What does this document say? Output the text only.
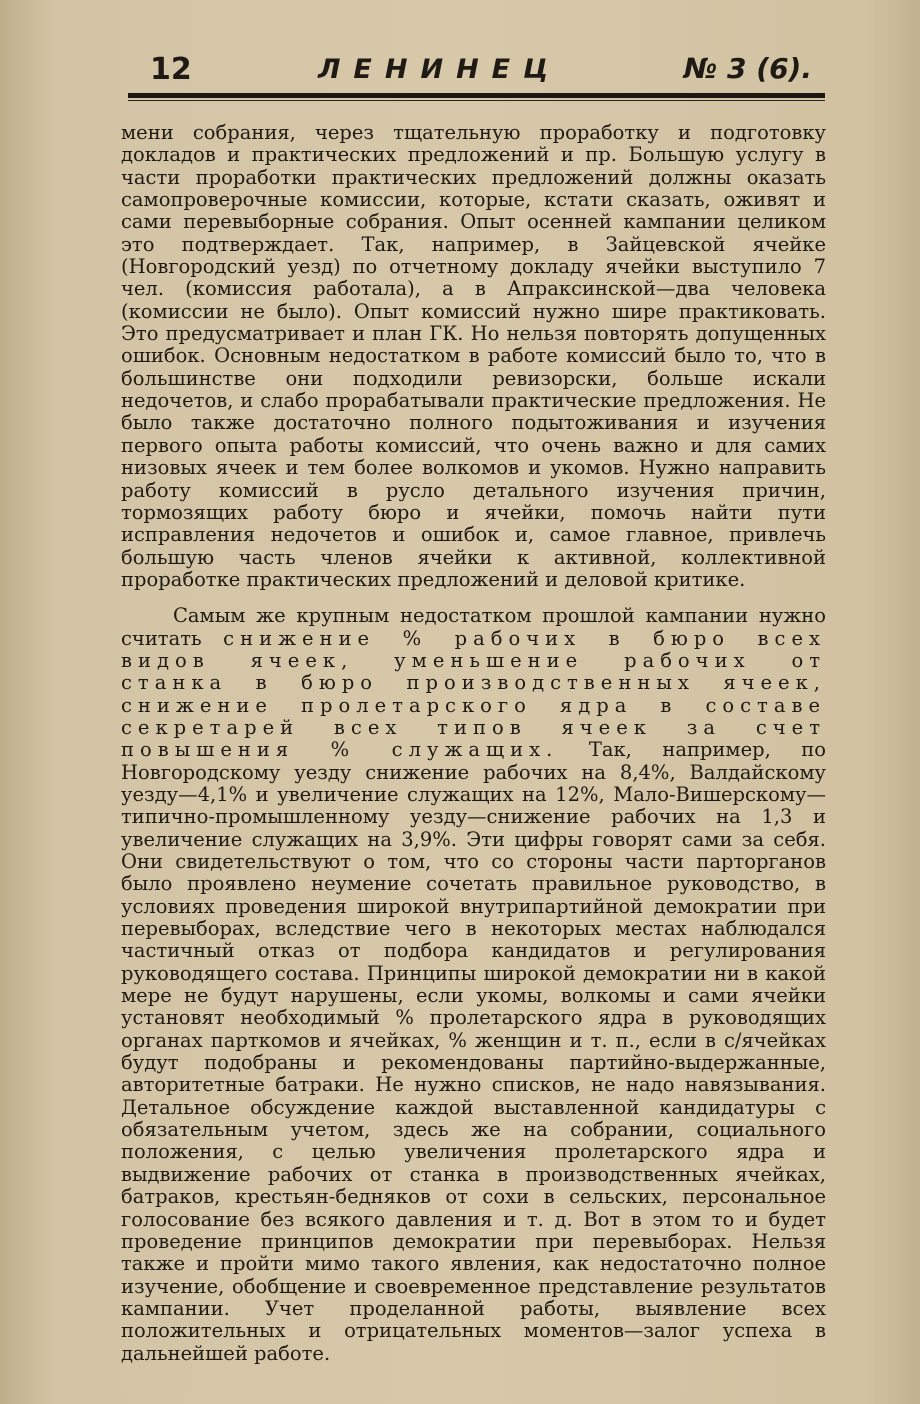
12	ЛЕНИНЕЦ	№ 3 (6).

мени собрания, через тщательную проработку и подготовку докладов и практических предложений и пр. Большую услугу в части проработки практических предложений должны оказать самопроверочные комиссии, которые, кстати сказать, оживят и сами перевыборные собрания. Опыт осенней кампании целиком это подтверждает. Так, например, в Зайцевской ячейке (Новгородский уезд) по отчетному докладу ячейки выступило 7 чел. (комиссия работала), а в Апраксинской—два человека (комиссии не было). Опыт комиссий нужно шире практиковать. Это предусматривает и план ГК. Но нельзя повторять допущенных ошибок. Основным недостатком в работе комиссий было то, что в большинстве они подходили ревизорски, больше искали недочетов, и слабо прорабатывали практические предложения. Не было также достаточно полного подытоживания и изучения первого опыта работы комиссий, что очень важно и для самих низовых ячеек и тем более волкомов и укомов. Нужно направить работу комиссий в русло детального изучения причин, тормозящих работу бюро и ячейки, помочь найти пути исправления недочетов и ошибок и, самое главное, привлечь большую часть членов ячейки к активной, коллективной проработке практических предложений и деловой критике.

Самым же крупным недостатком прошлой кампании нужно считать снижение % рабочих в бюро всех видов ячеек, уменьшение рабочих от станка в бюро производственных ячеек, снижение пролетарского ядра в составе секретарей всех типов ячеек за счет повышения % служащих. Так, например, по Новгородскому уезду снижение рабочих на 8,4%, Валдайскому уезду—4,1% и увеличение служащих на 12%, Мало-Вишерскому—типично-промышленному уезду—снижение рабочих на 1,3 и увеличение служащих на 3,9%. Эти цифры говорят сами за себя. Они свидетельствуют о том, что со стороны части парторганов было проявлено неумение сочетать правильное руководство, в условиях проведения широкой внутрипартийной демократии при перевыборах, вследствие чего в некоторых местах наблюдался частичный отказ от подбора кандидатов и регулирования руководящего состава. Принципы широкой демократии ни в какой мере не будут нарушены, если укомы, волкомы и сами ячейки установят необходимый % пролетарского ядра в руководящих органах парткомов и ячейках, % женщин и т. п., если в с/ячейках будут подобраны и рекомендованы партийно-выдержанные, авторитетные батраки. Не нужно списков, не надо навязывания. Детальное обсуждение каждой выставленной кандидатуры с обязательным учетом, здесь же на собрании, социального положения, с целью увеличения пролетарского ядра и выдвижение рабочих от станка в производственных ячейках, батраков, крестьян-бедняков от сохи в сельских, персональное голосование без всякого давления и т. д. Вот в этом то и будет проведение принципов демократии при перевыборах. Нельзя также и пройти мимо такого явления, как недостаточно полное изучение, обобщение и своевременное представление результатов кампании. Учет проделанной работы, выявление всех положительных и отрицательных моментов—залог успеха в дальнейшей работе.
